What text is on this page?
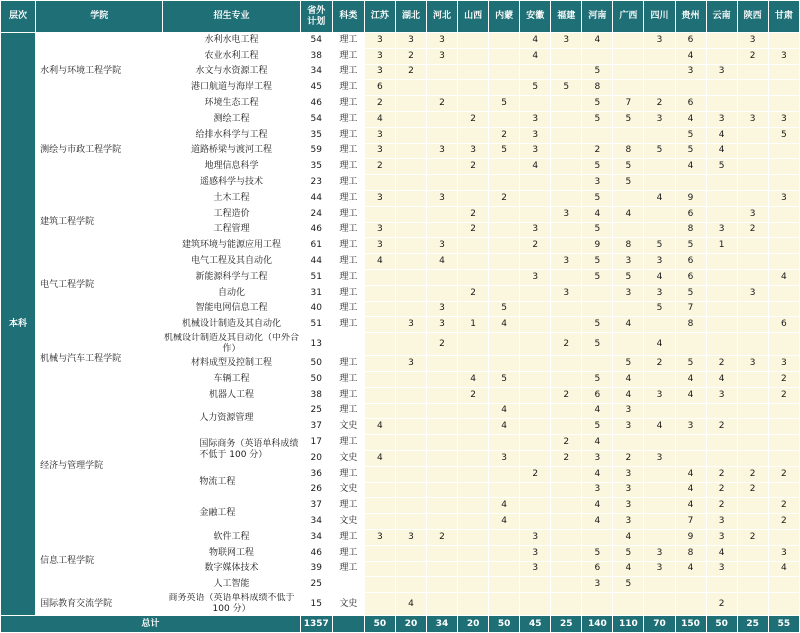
层次	学院	招生专业	省外
计划	科类	江苏	湖北	河北	山西	内蒙	安徽	福建	河南	广西	四川	贵州	云南	陕西	甘肃
本科	水利与环境工程学院	水利水电工程	54	理工	3	3	3			4	3	4		3	6		3	
		农业水利工程	38	理工	3	2	3			4					4		2	3
		水文与水资源工程	34	理工	3	2						5			3	3		
		港口航道与海岸工程	45	理工	6					5	5	8						
		环境生态工程	46	理工	2		2		5			5	7	2	6			
	测绘与市政工程学院	测绘工程	54	理工	4			2		3		5	5	3	4	3	3	3
		给排水科学与工程	35	理工	3				2	3					5	4		5
		道路桥梁与渡河工程	59	理工	3		3	3	5	3		2	8	5	5	4		
		地理信息科学	35	理工	2			2		4		5	5		4	5		
		遥感科学与技术	23	理工								3	5					
	建筑工程学院	土木工程	44	理工	3		3		2			5		4	9			3
		工程造价	24	理工				2			3	4	4		6		3	
		工程管理	46	理工	3			2		3		5			8	3	2	
		建筑环境与能源应用工程	61	理工	3		3			2		9	8	5	5	1		
	电气工程学院	电气工程及其自动化	44	理工	4		4				3	5	3	3	6			
		新能源科学与工程	51	理工						3		5	5	4	6			4
		自动化	31	理工				2			3		3	3	5		3	
		智能电网信息工程	40	理工			3		5					5	7			
	机械与汽车工程学院	机械设计制造及其自动化	51	理工		3	3	1	4			5	4		8			6
		机械设计制造及其自动化（中外合作）	13				2				2	5		4				
		材料成型及控制工程	50	理工		3							5	2	5	2	3	3
		车辆工程	50	理工				4	5			5	4		4	4		2
		机器人工程	38	理工				2			2	6	4	3	4	3		2
	经济与管理学院	人力资源管理	25	理工					4			4	3					
			37	文史	4				4			5	3	4	3	2		
		国际商务（英语单科成绩不低于 100 分）	17	理工							2	4						
			20	文史	4				3		2	3	2	3				
		物流工程	36	理工						2		4	3		4	2	2	2
			26	文史								3	3		4	2	2	
		金融工程	37	理工					4			4	3		4	2		2
			34	文史					4			4	3		7	3		2
	信息工程学院	软件工程	34	理工	3	3	2			3			4		9	3	2	
		物联网工程	46	理工						3		5	5	3	8	4		3
		数字媒体技术	39	理工						3		6	4	3	4	3		4
		人工智能	25									3	5					
	国际教育交流学院	商务英语（英语单科成绩不低于 100 分）	15	文史		4										2		
总计			1357		50	20	34	20	50	45	25	140	110	70	150	50	25	55
